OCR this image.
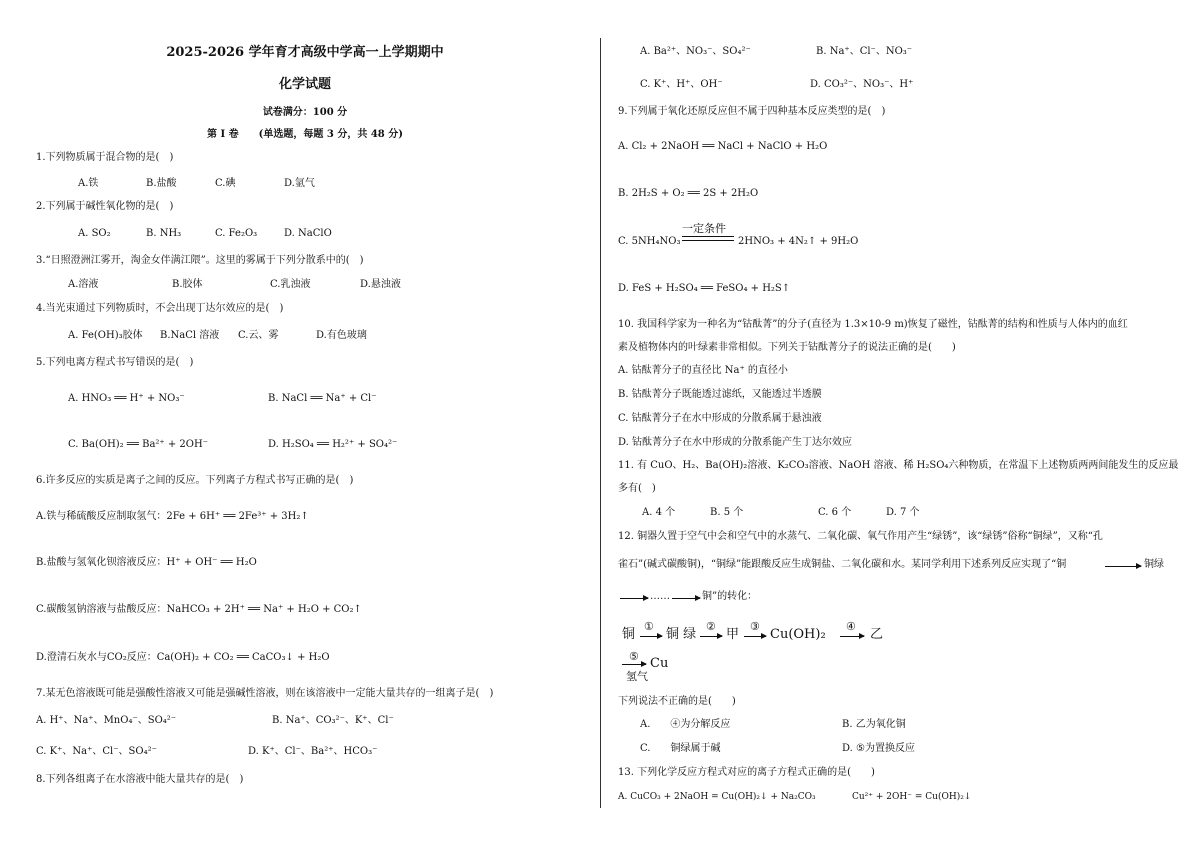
2025-2026 学年育才高级中学高一上学期期中
化学试题
试卷满分：100 分
第 I 卷　　(单选题，每题 3 分，共 48 分)
1.下列物质属于混合物的是(　)
A.铁	B.盐酸	C.碘	D.氩气
2.下列属于碱性氧化物的是(　)
A. SO₂	B. NH₃	C. Fe₂O₃	D. NaClO
3.“日照澄洲江雾开，淘金女伴满江隈”。这里的雾属于下列分散系中的(　)
A.溶液	B.胶体	C.乳浊液	D.悬浊液
4.当光束通过下列物质时，不会出现丁达尔效应的是(　)
A. Fe(OH)₃胶体 B.NaCl 溶液 C.云、雾	D.有色玻璃
5.下列电离方程式书写错误的是(　)
A. HNO₃ ══ H⁺ + NO₃⁻	B. NaCl ══ Na⁺ + Cl⁻
C. Ba(OH)₂ ══ Ba²⁺ + 2OH⁻	D. H₂SO₄ ══ H₂²⁺ + SO₄²⁻
6.许多反应的实质是离子之间的反应。下列离子方程式书写正确的是(　)
A.铁与稀硫酸反应制取氢气：2Fe + 6H⁺ ══ 2Fe³⁺ + 3H₂↑
B.盐酸与氢氧化钡溶液反应：H⁺ + OH⁻ ══ H₂O
C.碳酸氢钠溶液与盐酸反应：NaHCO₃ + 2H⁺ ══ Na⁺ + H₂O + CO₂↑
D.澄清石灰水与CO₂反应：Ca(OH)₂ + CO₂ ══ CaCO₃↓ + H₂O
7.某无色溶液既可能是强酸性溶液又可能是强碱性溶液，则在该溶液中一定能大量共存的一组离子是(　)
A. H⁺、Na⁺、MnO₄⁻、SO₄²⁻	B. Na⁺、CO₃²⁻、K⁺、Cl⁻
C. K⁺、Na⁺、Cl⁻、SO₄²⁻	D. K⁺、Cl⁻、Ba²⁺、HCO₃⁻
8.下列各组离子在水溶液中能大量共存的是(　)
A. Ba²⁺、NO₃⁻、SO₄²⁻	B. Na⁺、Cl⁻、NO₃⁻
C. K⁺、H⁺、OH⁻	D. CO₃²⁻、NO₃⁻、H⁺
9.下列属于氧化还原反应但不属于四种基本反应类型的是(　)
A. Cl₂ + 2NaOH ══ NaCl + NaClO + H₂O
B. 2H₂S + O₂ ══ 2S + 2H₂O
C. 5NH₄NO₃
一定条件
2HNO₃ + 4N₂↑ + 9H₂O
D. FeS + H₂SO₄ ══ FeSO₄ + H₂S↑
10. 我国科学家为一种名为“钴酞菁”的分子(直径为 1.3×10-9 m)恢复了磁性，钴酞菁的结构和性质与人体内的血红
素及植物体内的叶绿素非常相似。下列关于钴酞菁分子的说法正确的是(　　)
A. 钴酞菁分子的直径比 Na⁺ 的直径小
B. 钴酞菁分子既能透过滤纸，又能透过半透膜
C. 钴酞菁分子在水中形成的分散系属于悬浊液
D. 钴酞菁分子在水中形成的分散系能产生丁达尔效应
11. 有 CuO、H₂、Ba(OH)₂溶液、K₂CO₃溶液、NaOH 溶液、稀 H₂SO₄六种物质，在常温下上述物质两两间能发生的反应最
多有(　)
A. 4 个	B. 5 个	C. 6 个	D. 7 个
12. 铜器久置于空气中会和空气中的水蒸气、二氧化碳、氧气作用产生“绿锈”，该“绿锈”俗称“铜绿”，又称“孔
雀石”(碱式碳酸铜)，“铜绿”能跟酸反应生成铜盐、二氧化碳和水。某同学利用下述系列反应实现了“铜	铜绿
……	铜”的转化：
铜
①
铜 绿
②
甲
③
Cu(OH)₂
④
乙
⑤ Cu
氢气
下列说法不正确的是(　　)
A.　　④为分解反应	B. 乙为氧化铜
C.　　铜绿属于碱	D. ⑤为置换反应
13. 下列化学反应方程式对应的离子方程式正确的是(　　)
A. CuCO₃ + 2NaOH = Cu(OH)₂↓ + Na₂CO₃	Cu²⁺ + 2OH⁻ = Cu(OH)₂↓
